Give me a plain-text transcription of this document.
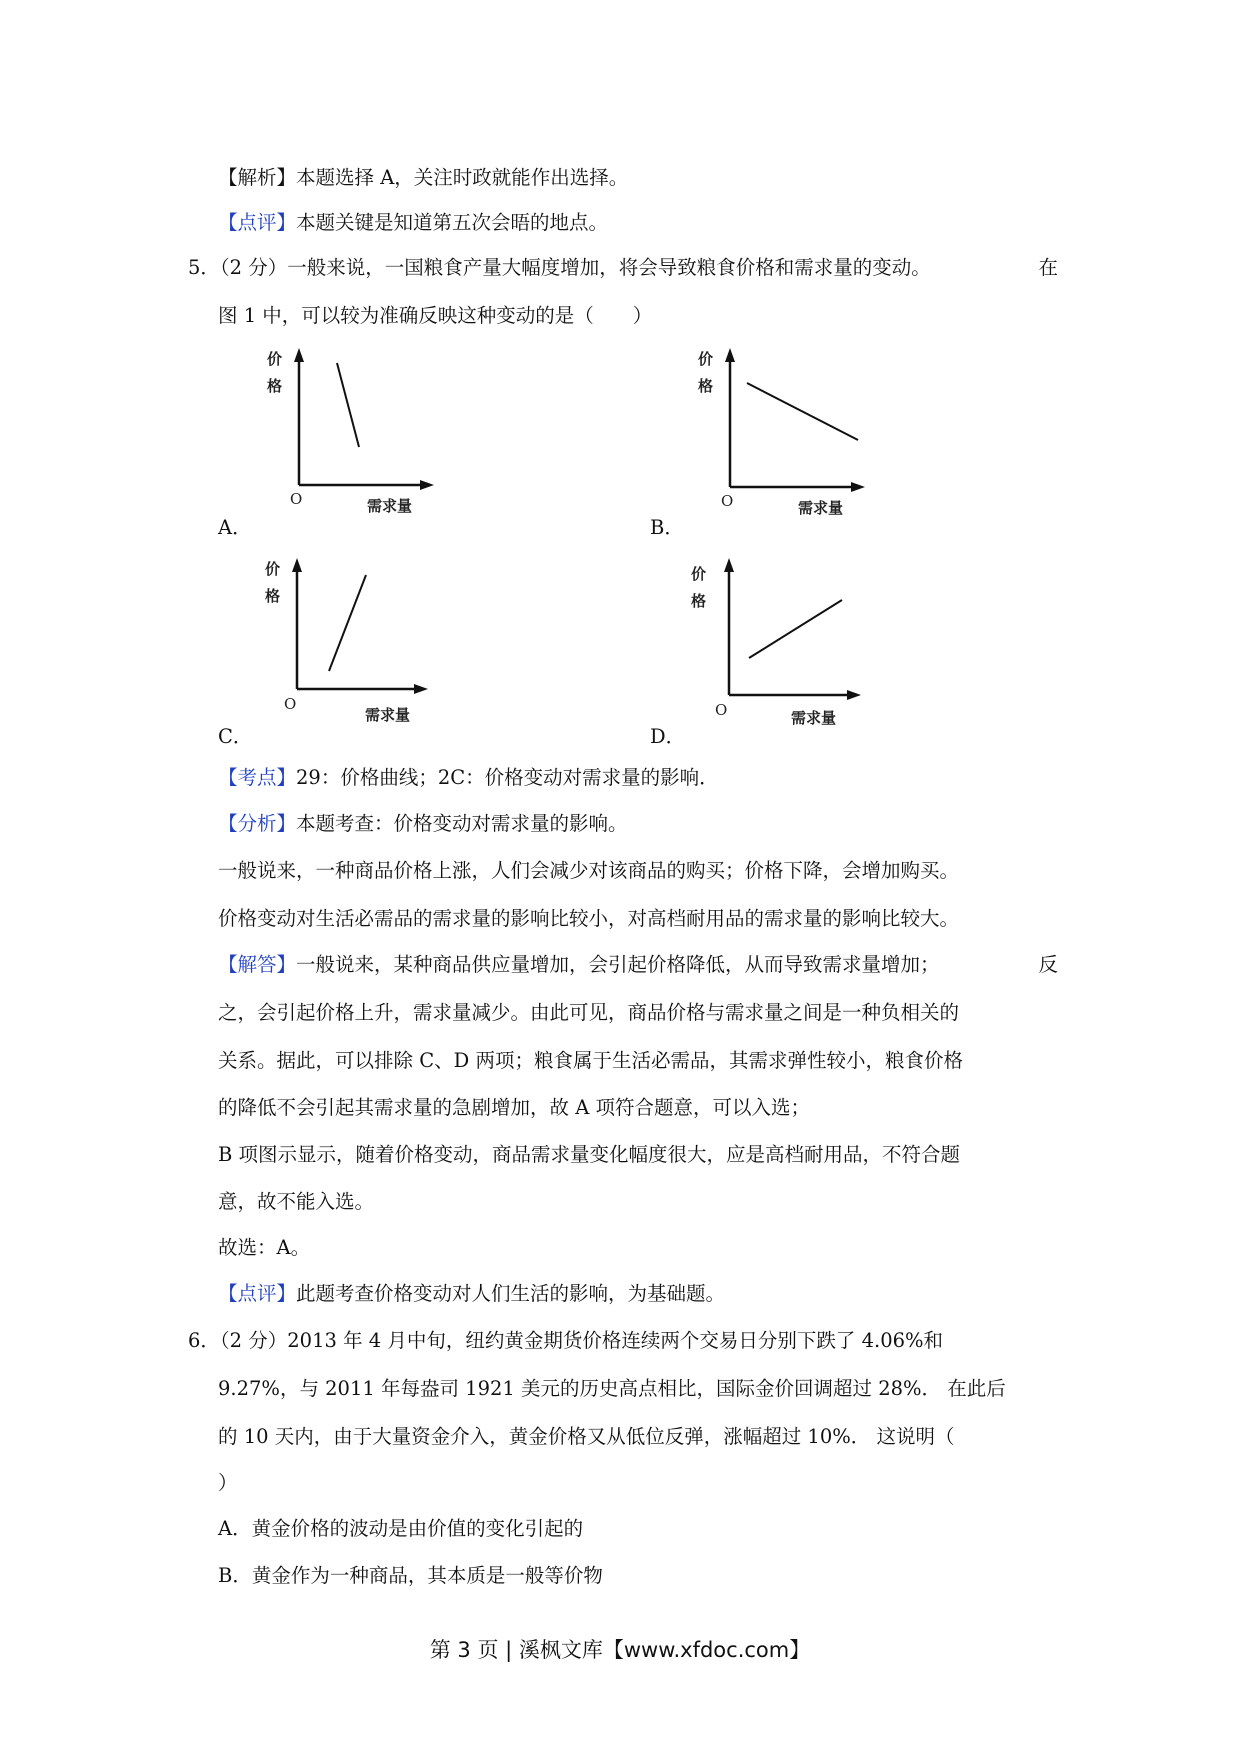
【解析】本题选择 A，关注时政就能作出选择。
【点评】本题关键是知道第五次会晤的地点。
5．（2 分）一般来说，一国粮食产量大幅度增加，将会导致粮食价格和需求量的变动。	在
图 1 中，可以较为准确反映这种变动的是（　　）
价
格
O	需求量
A．
价
格
O	需求量
B．
价
格
O
需求量
C．
价
格
O	需求量
D．
【考点】29：价格曲线；2C：价格变动对需求量的影响．
【分析】本题考查：价格变动对需求量的影响。
一般说来，一种商品价格上涨，人们会减少对该商品的购买；价格下降，会增加购买。
价格变动对生活必需品的需求量的影响比较小，对高档耐用品的需求量的影响比较大。
【解答】一般说来，某种商品供应量增加，会引起价格降低，从而导致需求量增加；	反
之，会引起价格上升，需求量减少。由此可见，商品价格与需求量之间是一种负相关的
关系。据此，可以排除 C、D 两项；粮食属于生活必需品，其需求弹性较小，粮食价格
的降低不会引起其需求量的急剧增加，故 A 项符合题意，可以入选；
B 项图示显示，随着价格变动，商品需求量变化幅度很大，应是高档耐用品，不符合题
意，故不能入选。
故选：A。
【点评】此题考查价格变动对人们生活的影响，为基础题。
6．（2 分）2013 年 4 月中旬，纽约黄金期货价格连续两个交易日分别下跌了 4.06%和
9.27%，与 2011 年每盎司 1921 美元的历史高点相比，国际金价回调超过 28%． 在此后
的 10 天内，由于大量资金介入，黄金价格又从低位反弹，涨幅超过 10%． 这说明（
）
A．黄金价格的波动是由价值的变化引起的
B．黄金作为一种商品，其本质是一般等价物
第 3 页 | 溪枫文库【www.xfdoc.com】
